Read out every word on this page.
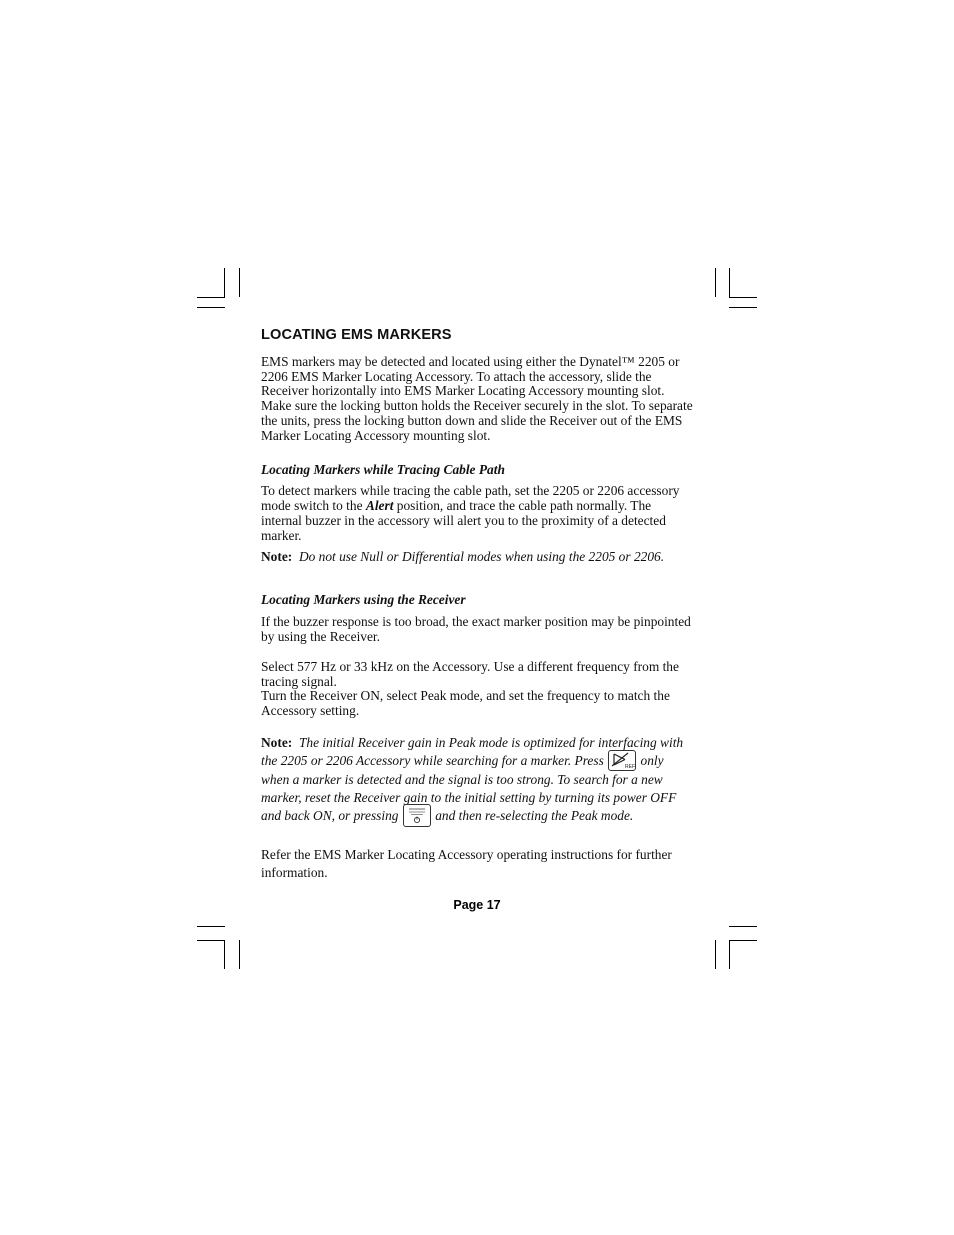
LOCATING EMS MARKERS

EMS markers may be detected and located using either the Dynatel™ 2205 or 2206 EMS Marker Locating Accessory. To attach the accessory, slide the Receiver horizontally into EMS Marker Locating Accessory mounting slot. Make sure the locking button holds the Receiver securely in the slot. To separate the units, press the locking button down and slide the Receiver out of the EMS Marker Locating Accessory mounting slot.

Locating Markers while Tracing Cable Path

To detect markers while tracing the cable path, set the 2205 or 2206 accessory mode switch to the Alert position, and trace the cable path normally. The internal buzzer in the accessory will alert you to the proximity of a detected marker.

Note: Do not use Null or Differential modes when using the 2205 or 2206.

Locating Markers using the Receiver

If the buzzer response is too broad, the exact marker position may be pinpointed by using the Receiver.

Select 577 Hz or 33 kHz on the Accessory. Use a different frequency from the tracing signal.

Turn the Receiver ON, select Peak mode, and set the frequency to match the Accessory setting.

Note: The initial Receiver gain in Peak mode is optimized for interfacing with the 2205 or 2206 Accessory while searching for a marker. Press	REF only when a marker is detected and the signal is too strong. To search for a new marker, reset the Receiver gain to the initial setting by turning its power OFF and back ON, or pressing	and then re-selecting the Peak mode.

Refer the EMS Marker Locating Accessory operating instructions for further information.

Page 17
